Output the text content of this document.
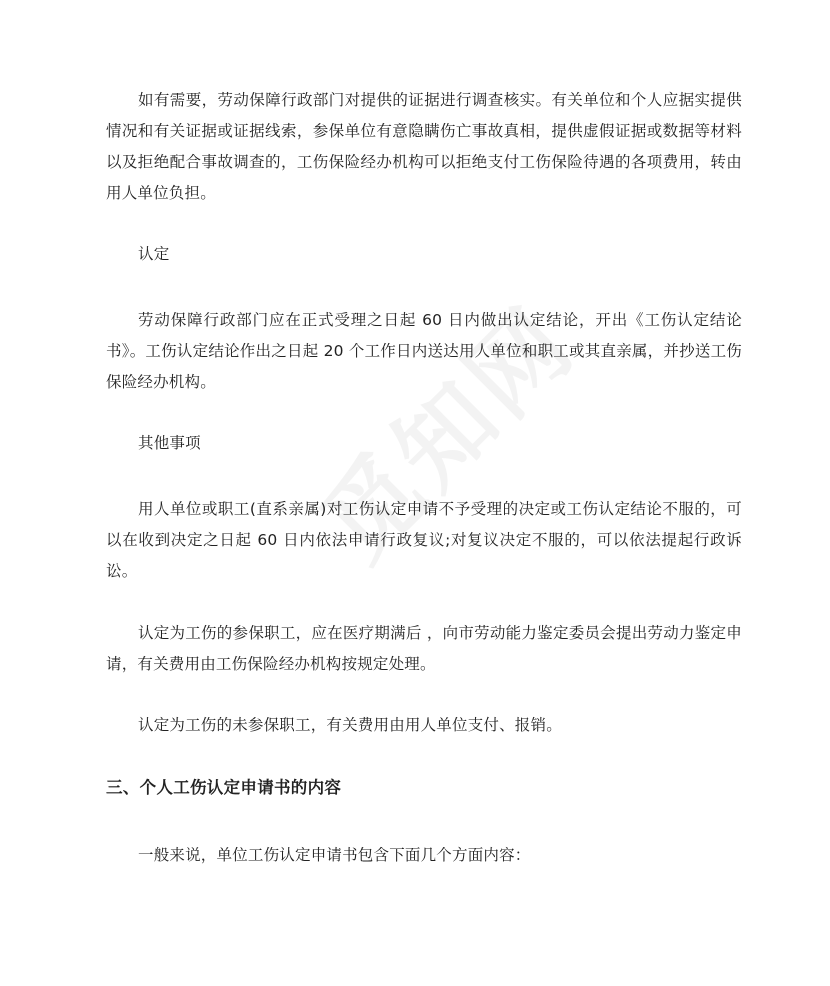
如有需要，劳动保障行政部门对提供的证据进行调查核实。有关单位和个人应据实提供情况和有关证据或证据线索，参保单位有意隐瞒伤亡事故真相，提供虚假证据或数据等材料以及拒绝配合事故调查的，工伤保险经办机构可以拒绝支付工伤保险待遇的各项费用，转由用人单位负担。

认定

劳动保障行政部门应在正式受理之日起 60 日内做出认定结论，开出《工伤认定结论书》。工伤认定结论作出之日起 20 个工作日内送达用人单位和职工或其直亲属，并抄送工伤保险经办机构。

其他事项

用人单位或职工(直系亲属)对工伤认定申请不予受理的决定或工伤认定结论不服的，可以在收到决定之日起 60 日内依法申请行政复议;对复议决定不服的，可以依法提起行政诉讼。

认定为工伤的参保职工，应在医疗期满后 ，向市劳动能力鉴定委员会提出劳动力鉴定申请，有关费用由工伤保险经办机构按规定处理。

认定为工伤的未参保职工，有关费用由用人单位支付、报销。

三、个人工伤认定申请书的内容

一般来说，单位工伤认定申请书包含下面几个方面内容：
